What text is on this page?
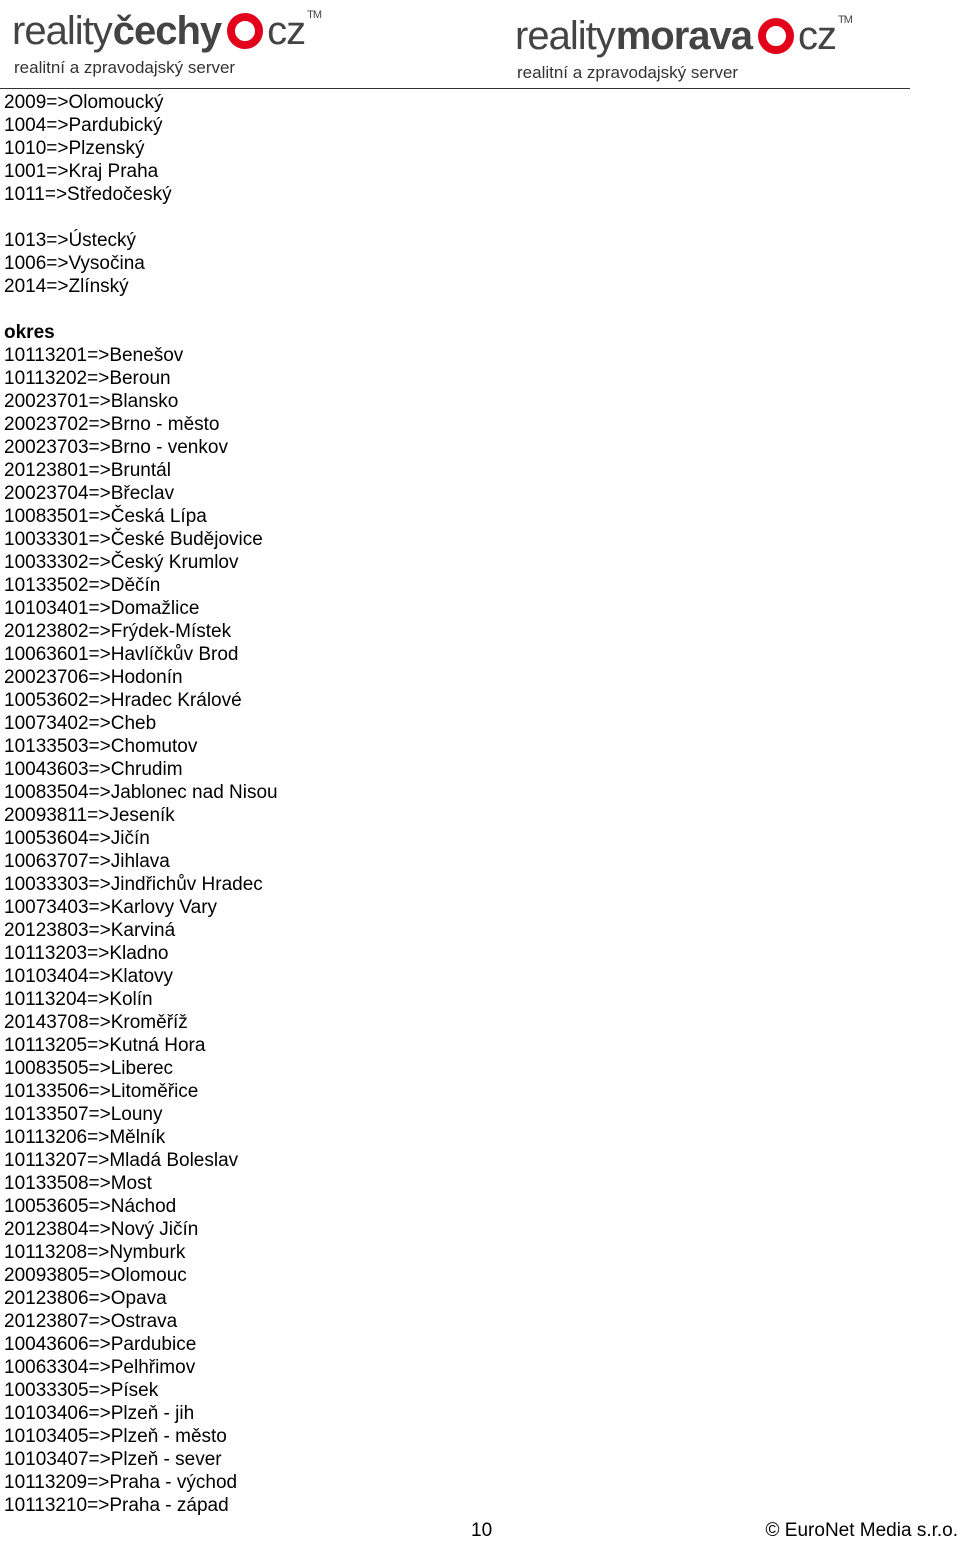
reality čechy cz TM
realitní a zpravodajský server
reality morava cz TM
realitní a zpravodajský server
2009=>Olomoucký
1004=>Pardubický
1010=>Plzenský
1001=>Kraj Praha
1011=>Středočeský
1013=>Ústecký
1006=>Vysočina
2014=>Zlínský
okres
10113201=>Benešov
10113202=>Beroun
20023701=>Blansko
20023702=>Brno - město
20023703=>Brno - venkov
20123801=>Bruntál
20023704=>Břeclav
10083501=>Česká Lípa
10033301=>České Budějovice
10033302=>Český Krumlov
10133502=>Děčín
10103401=>Domažlice
20123802=>Frýdek-Místek
10063601=>Havlíčkův Brod
20023706=>Hodonín
10053602=>Hradec Králové
10073402=>Cheb
10133503=>Chomutov
10043603=>Chrudim
10083504=>Jablonec nad Nisou
20093811=>Jeseník
10053604=>Jičín
10063707=>Jihlava
10033303=>Jindřichův Hradec
10073403=>Karlovy Vary
20123803=>Karviná
10113203=>Kladno
10103404=>Klatovy
10113204=>Kolín
20143708=>Kroměříž
10113205=>Kutná Hora
10083505=>Liberec
10133506=>Litoměřice
10133507=>Louny
10113206=>Mělník
10113207=>Mladá Boleslav
10133508=>Most
10053605=>Náchod
20123804=>Nový Jičín
10113208=>Nymburk
20093805=>Olomouc
20123806=>Opava
20123807=>Ostrava
10043606=>Pardubice
10063304=>Pelhřimov
10033305=>Písek
10103406=>Plzeň - jih
10103405=>Plzeň - město
10103407=>Plzeň - sever
10113209=>Praha - východ
10113210=>Praha - západ
10	© EuroNet Media s.r.o.
